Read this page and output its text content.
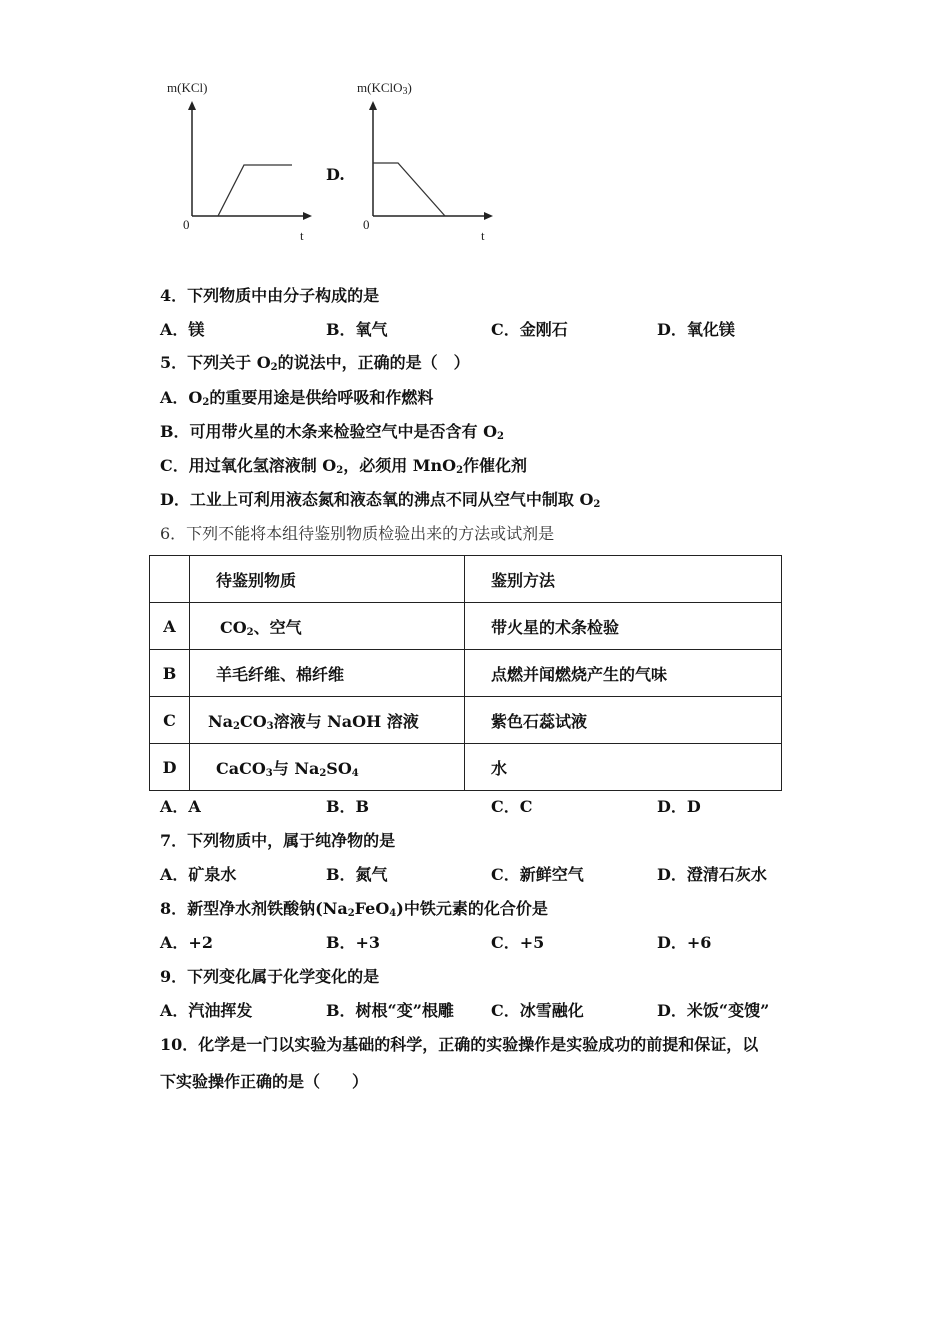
m(KCl)
0
t
D.
m(KClO$_3$)
0
t
4．下列物质中由分子构成的是
A．镁	B．氧气	C．金刚石	D．氧化镁
5．下列关于 $O_2$的说法中，正确的是（　）
A．$O_2$的重要用途是供给呼吸和作燃料
B．可用带火星的木条来检验空气中是否含有 $O_2$
C．用过氧化氢溶液制 $O_2$，必须用 MnO$_2$作催化剂
D．工业上可利用液态氮和液态氧的沸点不同从空气中制取 $O_2$
6．下列不能将本组待鉴别物质检验出来的方法或试剂是
	待鉴别物质	鉴别方法
A	$CO_2$、空气	带火星的术条检验
B	羊毛纤维、棉纤维	点燃并闻燃烧产生的气味
C	$Na_2CO_3$溶液与 NaOH 溶液	紫色石蕊试液
D	CaCO$_3$与 $Na_2SO_4$	水
A．A	B．B	C．C	D．D
7．下列物质中，属于纯净物的是
A．矿泉水	B．氮气	C．新鲜空气	D．澄清石灰水
8．新型净水剂铁酸钠$(Na_2FeO_4)$中铁元素的化合价是
A．+2	B．+3	C．+5	D．+6
9．下列变化属于化学变化的是
A．汽油挥发	B．树根“变”根雕 C．冰雪融化	D．米饭“变馊”
10．化学是一门以实验为基础的科学，正确的实验操作是实验成功的前提和保证，以
下实验操作正确的是（　　）
